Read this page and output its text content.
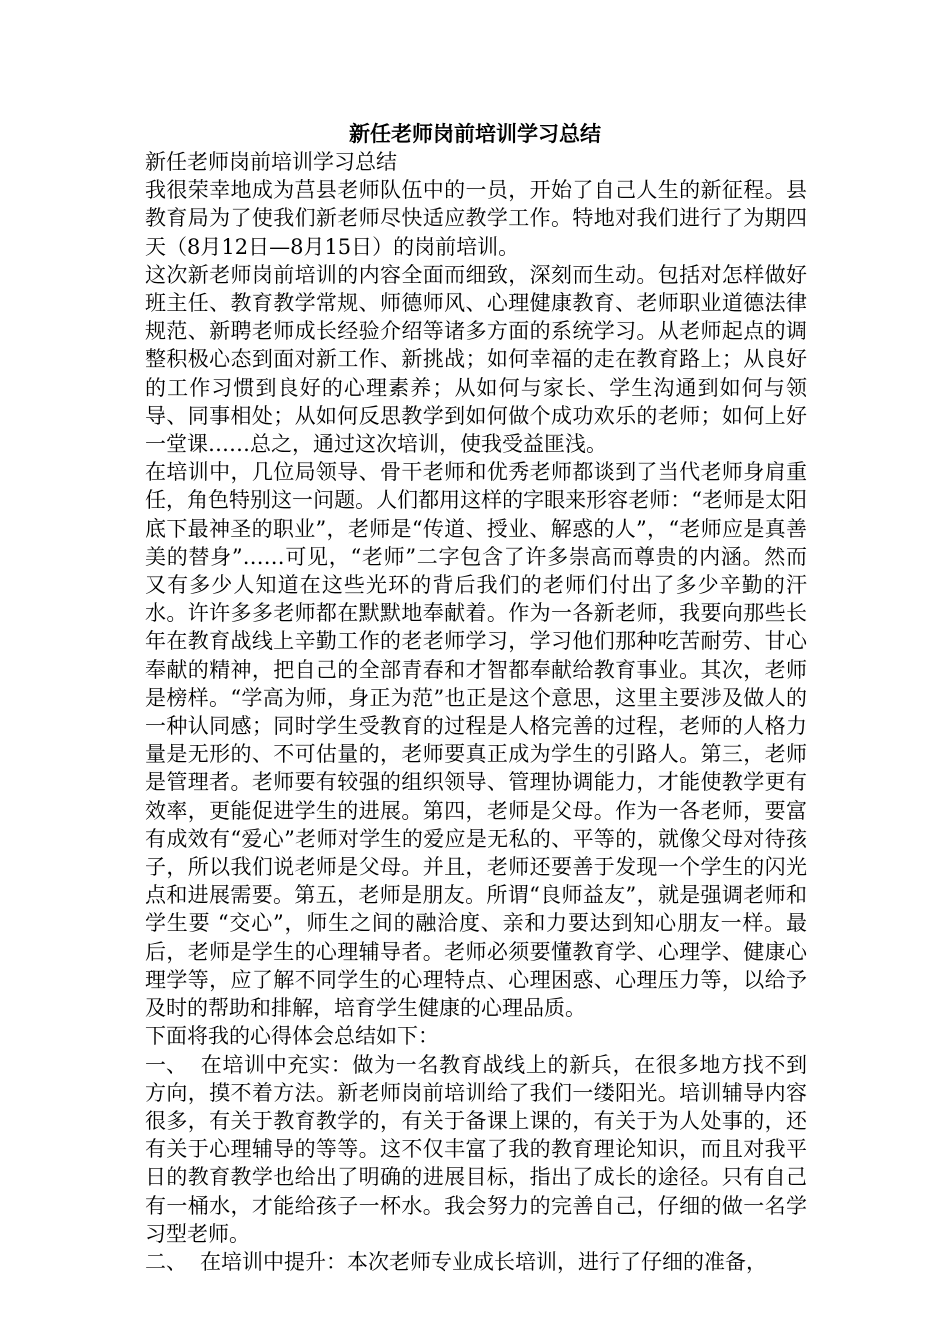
新任老师岗前培训学习总结

新任老师岗前培训学习总结

我很荣幸地成为莒县老师队伍中的一员，开始了自己人生的新征程。县教育局为了使我们新老师尽快适应教学工作。特地对我们进行了为期四天（8月12日—8月15日）的岗前培训。

这次新老师岗前培训的内容全面而细致，深刻而生动。包括对怎样做好班主任、教育教学常规、师德师风、心理健康教育、老师职业道德法律规范、新聘老师成长经验介绍等诸多方面的系统学习。从老师起点的调整积极心态到面对新工作、新挑战；如何幸福的走在教育路上；从良好的工作习惯到良好的心理素养；从如何与家长、学生沟通到如何与领导、同事相处；从如何反思教学到如何做个成功欢乐的老师；如何上好一堂课……总之，通过这次培训，使我受益匪浅。

在培训中，几位局领导、骨干老师和优秀老师都谈到了当代老师身肩重任，角色特别这一问题。人们都用这样的字眼来形容老师：“老师是太阳底下最神圣的职业”，老师是“传道、授业、解惑的人”，“老师应是真善美的替身”……可见，“老师”二字包含了许多崇高而尊贵的内涵。然而又有多少人知道在这些光环的背后我们的老师们付出了多少辛勤的汗水。许许多多老师都在默默地奉献着。作为一各新老师，我要向那些长年在教育战线上辛勤工作的老老师学习，学习他们那种吃苦耐劳、甘心奉献的精神，把自己的全部青春和才智都奉献给教育事业。其次，老师是榜样。“学高为师，身正为范”也正是这个意思，这里主要涉及做人的一种认同感；同时学生受教育的过程是人格完善的过程，老师的人格力量是无形的、不可估量的，老师要真正成为学生的引路人。第三，老师是管理者。老师要有较强的组织领导、管理协调能力，才能使教学更有效率，更能促进学生的进展。第四，老师是父母。作为一各老师，要富有成效有“爱心”老师对学生的爱应是无私的、平等的，就像父母对待孩子，所以我们说老师是父母。并且，老师还要善于发现一个学生的闪光点和进展需要。第五，老师是朋友。所谓“良师益友”，就是强调老师和学生要 “交心”，师生之间的融洽度、亲和力要达到知心朋友一样。最后，老师是学生的心理辅导者。老师必须要懂教育学、心理学、健康心理学等，应了解不同学生的心理特点、心理困惑、心理压力等，以给予及时的帮助和排解，培育学生健康的心理品质。

下面将我的心得体会总结如下：

一、 在培训中充实：做为一名教育战线上的新兵，在很多地方找不到方向，摸不着方法。新老师岗前培训给了我们一缕阳光。培训辅导内容很多，有关于教育教学的，有关于备课上课的，有关于为人处事的，还有关于心理辅导的等等。这不仅丰富了我的教育理论知识，而且对我平日的教育教学也给出了明确的进展目标，指出了成长的途径。只有自己有一桶水，才能给孩子一杯水。我会努力的完善自己，仔细的做一名学习型老师。

二、 在培训中提升：本次老师专业成长培训，进行了仔细的准备，
